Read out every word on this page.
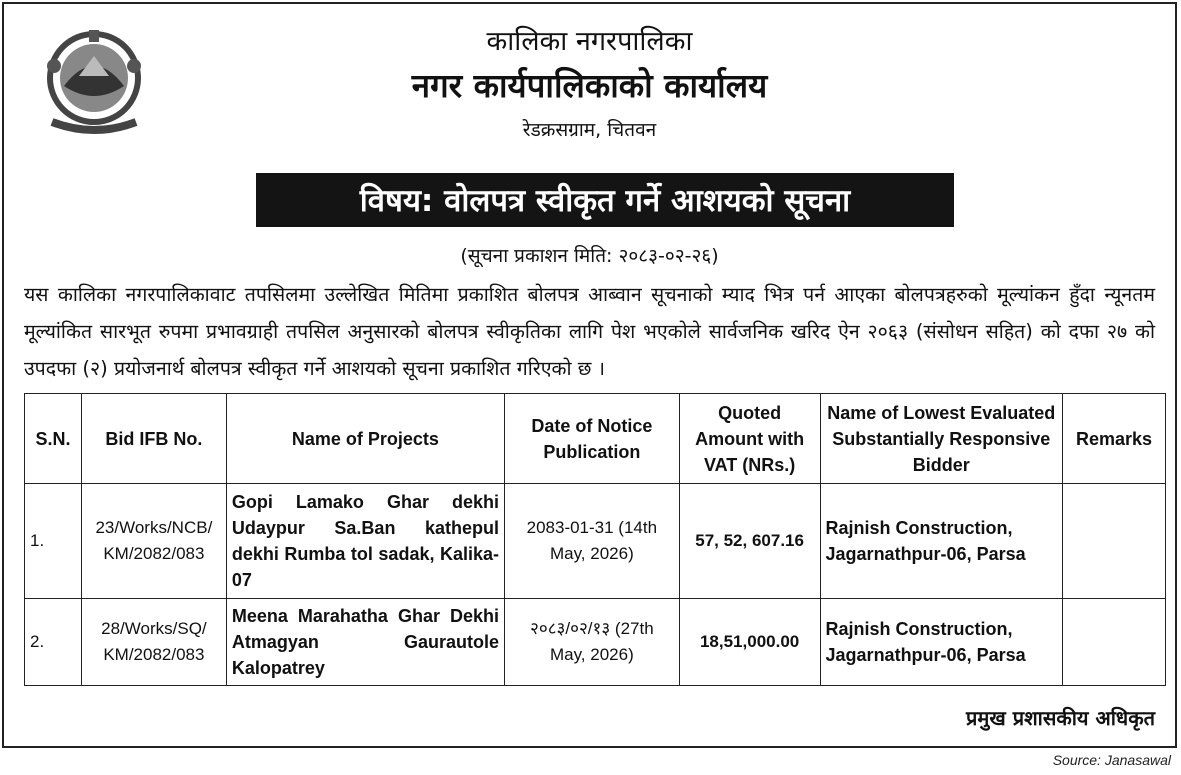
कालिका नगरपालिका
नगर कार्यपालिकाको कार्यालय
रेडक्रसग्राम, चितवन
विषय: वोलपत्र स्वीकृत गर्ने आशयको सूचना
(सूचना प्रकाशन मिति: २०८३-०२-२६)
यस कालिका नगरपालिकावाट तपसिलमा उल्लेखित मितिमा प्रकाशित बोलपत्र आब्वान सूचनाको म्याद भित्र पर्न आएका बोलपत्रहरुको मूल्यांकन हुँदा न्यूनतम मूल्यांकित सारभूत रुपमा प्रभावग्राही तपसिल अनुसारको बोलपत्र स्वीकृतिका लागि पेश भएकोले सार्वजनिक खरिद ऐन २०६३ (संसोधन सहित) को दफा २७ को उपदफा (२) प्रयोजनार्थ बोलपत्र स्वीकृत गर्ने आशयको सूचना प्रकाशित गरिएको छ ।
S.N.	Bid IFB No.	Name of Projects	Date of Notice Publication	Quoted Amount with VAT (NRs.)	Name of Lowest Evaluated Substantially Responsive Bidder	Remarks
1.	23/Works/NCB/ KM/2082/083	Gopi Lamako Ghar dekhi Udaypur Sa.Ban kathepul dekhi Rumba tol sadak, Kalika-07	2083-01-31 (14th May, 2026)	57, 52, 607.16	Rajnish Construction, Jagarnathpur-06, Parsa	
2.	28/Works/SQ/ KM/2082/083	Meena Marahatha Ghar Dekhi Atmagyan Gaurautole Kalopatrey	२०८३/०२/१३ (27th May, 2026)	18,51,000.00	Rajnish Construction, Jagarnathpur-06, Parsa	
प्रमुख प्रशासकीय अधिकृत
Source: Janasawal
